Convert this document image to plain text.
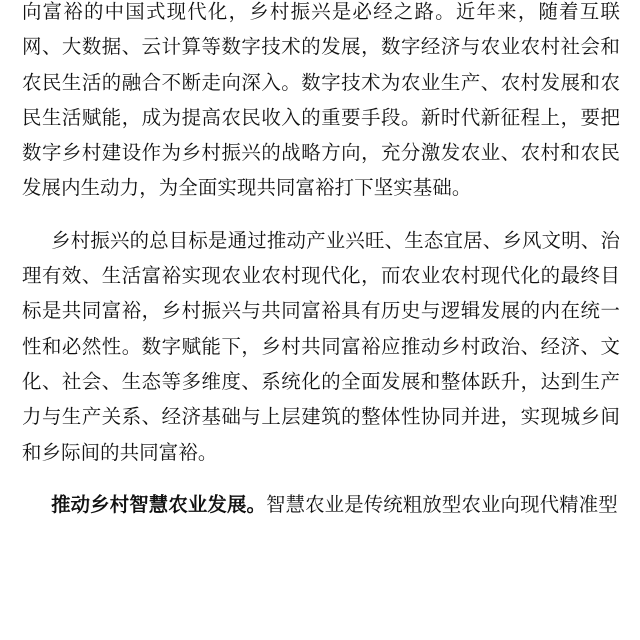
向富裕的中国式现代化，乡村振兴是必经之路。近年来，随着互联网、大数据、云计算等数字技术的发展，数字经济与农业农村社会和农民生活的融合不断走向深入。数字技术为农业生产、农村发展和农民生活赋能，成为提高农民收入的重要手段。新时代新征程上，要把数字乡村建设作为乡村振兴的战略方向，充分激发农业、农村和农民发展内生动力，为全面实现共同富裕打下坚实基础。

乡村振兴的总目标是通过推动产业兴旺、生态宜居、乡风文明、治理有效、生活富裕实现农业农村现代化，而农业农村现代化的最终目标是共同富裕，乡村振兴与共同富裕具有历史与逻辑发展的内在统一性和必然性。数字赋能下，乡村共同富裕应推动乡村政治、经济、文化、社会、生态等多维度、系统化的全面发展和整体跃升，达到生产力与生产关系、经济基础与上层建筑的整体性协同并进，实现城乡间和乡际间的共同富裕。

推动乡村智慧农业发展。智慧农业是传统粗放型农业向现代精准型
